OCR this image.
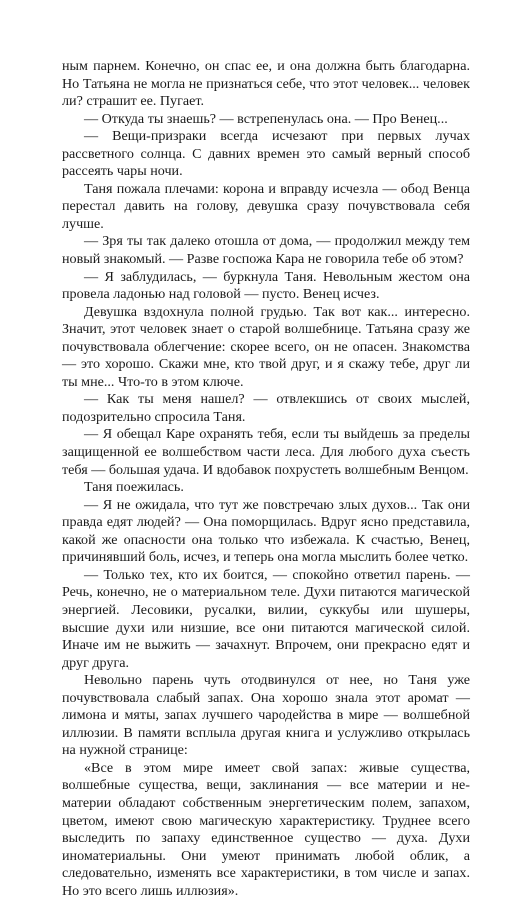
ным парнем. Конечно, он спас ее, и она должна быть благодарна. Но Татьяна не могла не признаться себе, что этот человек... человек ли? страшит ее. Пугает.

— Откуда ты знаешь? — встрепенулась она. — Про Венец...

— Вещи-призраки всегда исчезают при первых лучах рассветного солнца. С давних времен это самый верный способ рассеять чары ночи.

Таня пожала плечами: корона и вправду исчезла — обод Венца перестал давить на голову, девушка сразу почувствовала себя лучше.

— Зря ты так далеко отошла от дома, — продолжил между тем новый знакомый. — Разве госпожа Кара не говорила тебе об этом?

— Я заблудилась, — буркнула Таня. Невольным жестом она провела ладонью над головой — пусто. Венец исчез.

Девушка вздохнула полной грудью. Так вот как... интересно. Значит, этот человек знает о старой волшебнице. Татьяна сразу же почувствовала облегчение: скорее всего, он не опасен. Знакомства — это хорошо. Скажи мне, кто твой друг, и я скажу тебе, друг ли ты мне... Что-то в этом ключе.

— Как ты меня нашел? — отвлекшись от своих мыслей, подозрительно спросила Таня.

— Я обещал Каре охранять тебя, если ты выйдешь за пределы защищенной ее волшебством части леса. Для любого духа съесть тебя — большая удача. И вдобавок похрустеть волшебным Венцом.

Таня поежилась.

— Я не ожидала, что тут же повстречаю злых духов... Так они правда едят людей? — Она поморщилась. Вдруг ясно представила, какой же опасности она только что избежала. К счастью, Венец, причинявший боль, исчез, и теперь она могла мыслить более четко.

— Только тех, кто их боится, — спокойно ответил парень. — Речь, конечно, не о материальном теле. Духи питаются магической энергией. Лесовики, русалки, вилии, суккубы или шушеры, высшие духи или низшие, все они питаются магической силой. Иначе им не выжить — зачахнут. Впрочем, они прекрасно едят и друг друга.

Невольно парень чуть отодвинулся от нее, но Таня уже почувствовала слабый запах. Она хорошо знала этот аромат — лимона и мяты, запах лучшего чародейства в мире — волшебной иллюзии. В памяти всплыла другая книга и услужливо открылась на нужной странице:

«Все в этом мире имеет свой запах: живые существа, волшебные существа, вещи, заклинания — все материи и не-материи обладают собственным энергетическим полем, запахом, цветом, имеют свою магическую характеристику. Труднее всего выследить по запаху единственное существо — духа. Духи иноматериальны. Они умеют принимать любой облик, а следовательно, изменять все характеристики, в том числе и запах. Но это всего лишь иллюзия».
